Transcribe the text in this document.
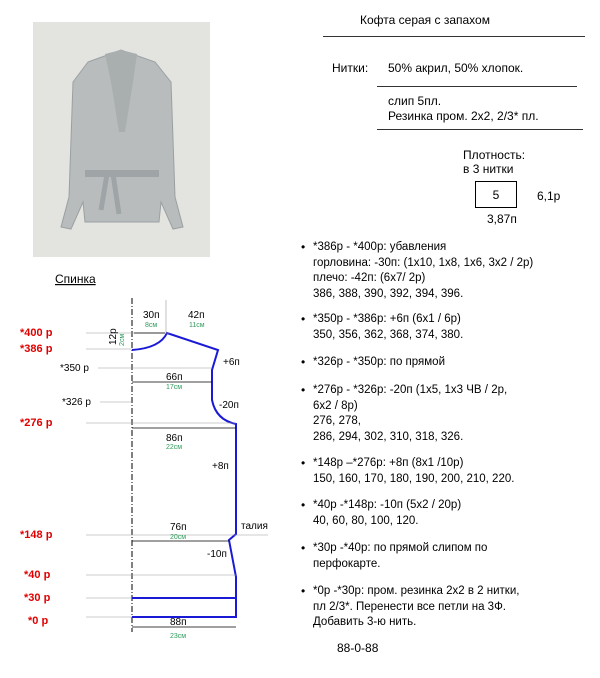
Кофта серая с запахом
Нитки: 50% акрил, 50% хлопок.
слип 5пл.
Резинка пром. 2х2, 2/3* пл.
Плотность:
в 3 нитки
5	6,1р
3,87п
• *386р - *400р: убавления
горловина: -30п: (1х10, 1х8, 1х6, 3х2 / 2р)
плечо: -42п: (6х7/ 2р)
386, 388, 390, 392, 394, 396.
• *350р - *386р: +6п (6х1 / 6р)
350, 356, 362, 368, 374, 380.
• *326р - *350р: по прямой
• *276р - *326р: -20п (1х5, 1х3 ЧВ / 2р,
6х2 / 8р)
276, 278,
286, 294, 302, 310, 318, 326.
• *148р –*276р: +8п (8х1 /10р)
150, 160, 170, 180, 190, 200, 210, 220.
• *40р -*148р: -10п (5х2 / 20р)
40, 60, 80, 100, 120.
• *30р -*40р: по прямой слипом по
перфокарте.
• *0р -*30р: пром. резинка 2х2 в 2 нитки,
пл 2/3*. Перенести все петли на 3Ф.
Добавить 3-ю нить.
88-0-88
Спинка
*400 р
*386 р
*276 р
*148 р
*40 р
*30 р
*0 р
*350 р
*326 р
30п
8см
42п
11см
12р 2см
66п
17см
86п
22см
76п
20см
88п
23см
+6п
-20п
+8п
-10п
талия
